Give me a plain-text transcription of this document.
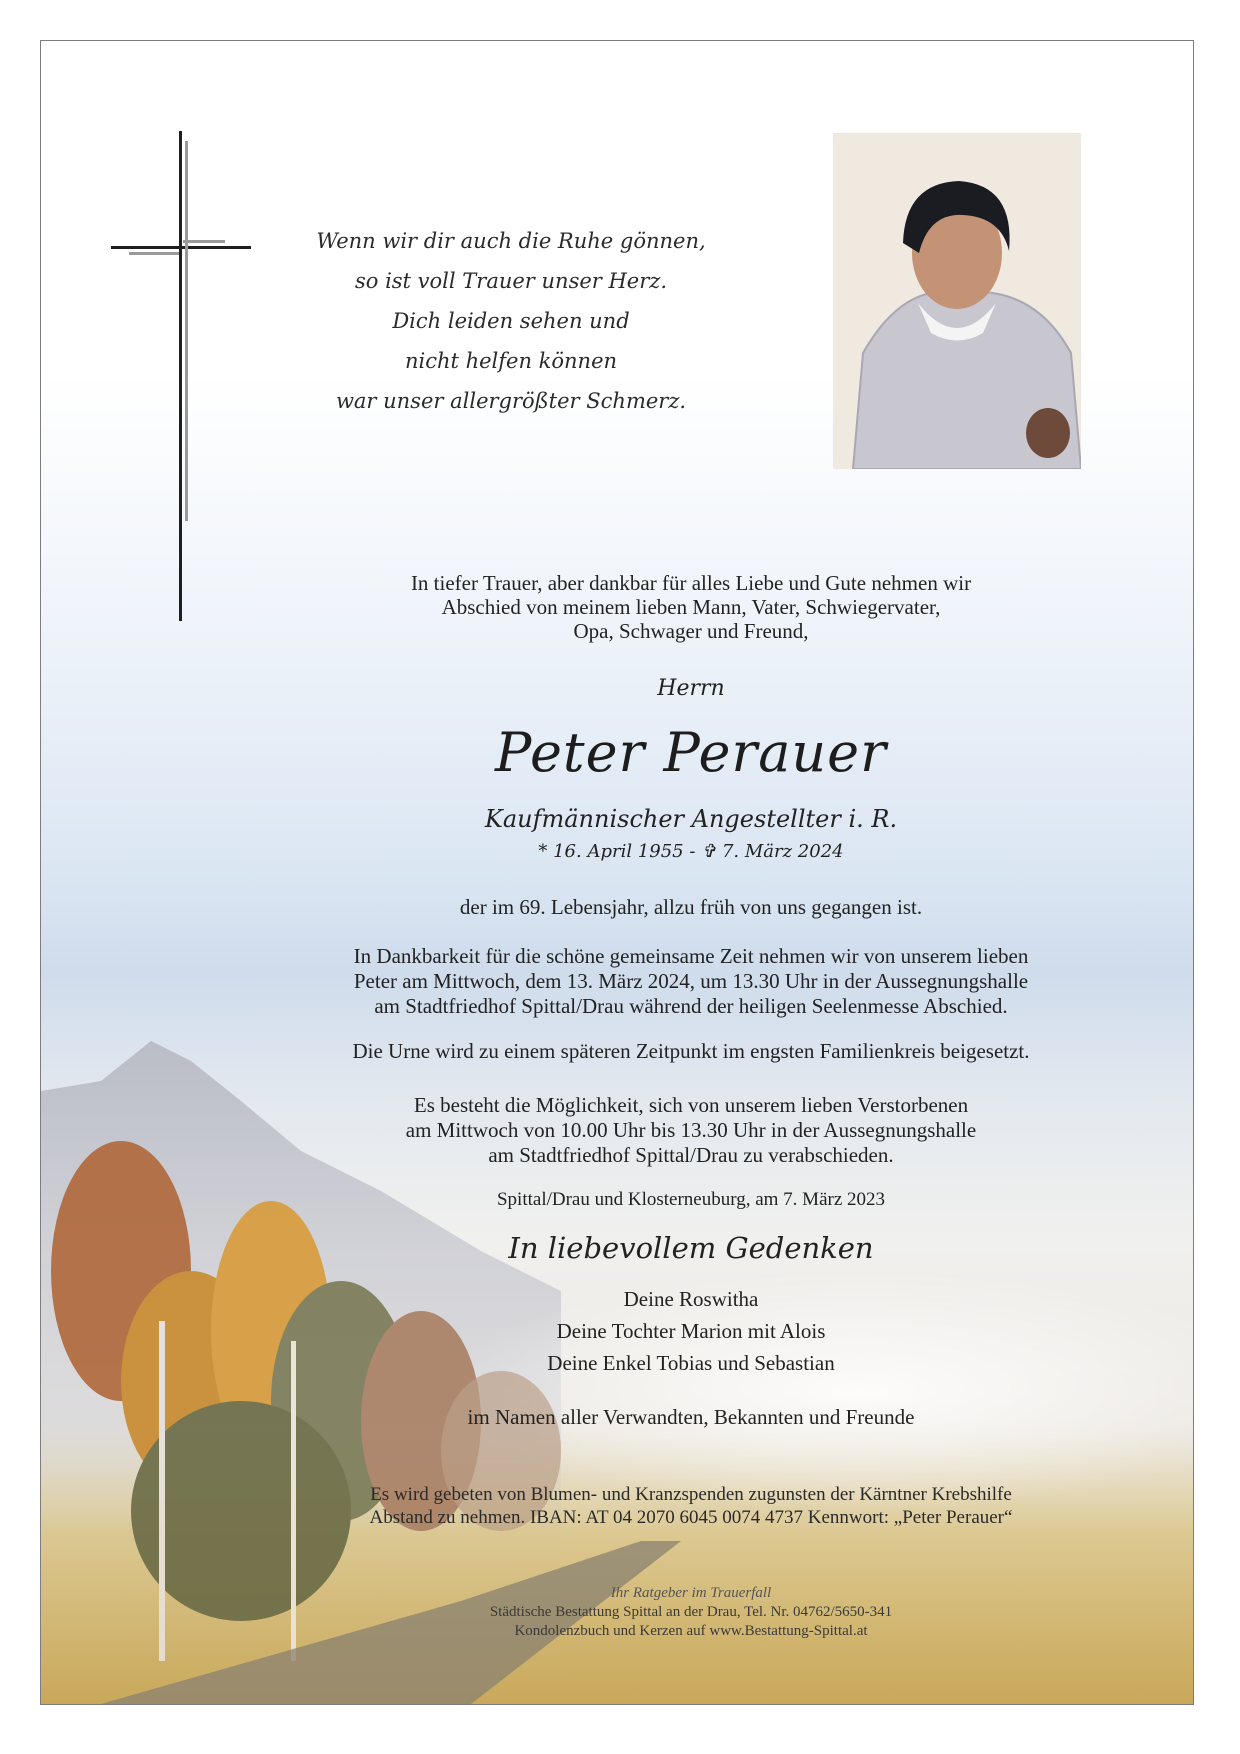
Wenn wir dir auch die Ruhe gönnen,
so ist voll Trauer unser Herz.
Dich leiden sehen und
nicht helfen können
war unser allergrößter Schmerz.
In tiefer Trauer, aber dankbar für alles Liebe und Gute nehmen wir
Abschied von meinem lieben Mann, Vater, Schwiegervater,
Opa, Schwager und Freund,
Herrn
Peter Perauer
Kaufmännischer Angestellter i. R.
* 16. April 1955 - ✞ 7. März 2024
der im 69. Lebensjahr, allzu früh von uns gegangen ist.
In Dankbarkeit für die schöne gemeinsame Zeit nehmen wir von unserem lieben
Peter am Mittwoch, dem 13. März 2024, um 13.30 Uhr in der Aussegnungshalle
am Stadtfriedhof Spittal/Drau während der heiligen Seelenmesse Abschied.
Die Urne wird zu einem späteren Zeitpunkt im engsten Familienkreis beigesetzt.
Es besteht die Möglichkeit, sich von unserem lieben Verstorbenen
am Mittwoch von 10.00 Uhr bis 13.30 Uhr in der Aussegnungshalle
am Stadtfriedhof Spittal/Drau zu verabschieden.
Spittal/Drau und Klosterneuburg, am 7. März 2023
In liebevollem Gedenken
Deine Roswitha
Deine Tochter Marion mit Alois
Deine Enkel Tobias und Sebastian
im Namen aller Verwandten, Bekannten und Freunde
Es wird gebeten von Blumen- und Kranzspenden zugunsten der Kärntner Krebshilfe
Abstand zu nehmen. IBAN: AT 04 2070 6045 0074 4737 Kennwort: „Peter Perauer“
Ihr Ratgeber im Trauerfall
Städtische Bestattung Spittal an der Drau, Tel. Nr. 04762/5650-341
Kondolenzbuch und Kerzen auf www.Bestattung-Spittal.at
